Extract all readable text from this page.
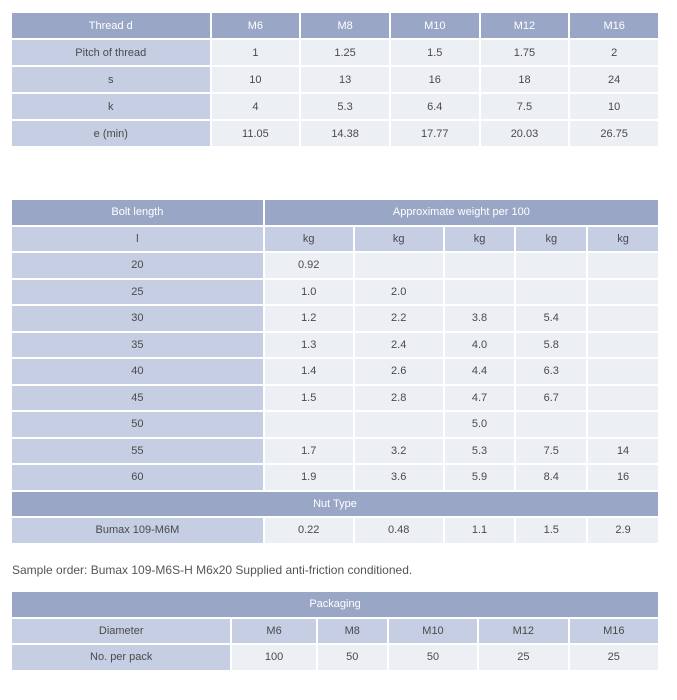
Thread d	M6	M8	M10	M12	M16
Pitch of thread	1	1.25	1.5	1.75	2
s	10	13	16	18	24
k	4	5.3	6.4	7.5	10
e (min)	11.05	14.38	17.77	20.03	26.75
Bolt length	Approximate weight per 100				
l	kg	kg	kg	kg	kg
20	0.92				
25	1.0	2.0			
30	1.2	2.2	3.8	5.4	
35	1.3	2.4	4.0	5.8	
40	1.4	2.6	4.4	6.3	
45	1.5	2.8	4.7	6.7	
50			5.0		
55	1.7	3.2	5.3	7.5	14
60	1.9	3.6	5.9	8.4	16
Nut Type					
Bumax 109-M6M	0.22	0.48	1.1	1.5	2.9

Sample order: Bumax 109-M6S-H M6x20 Supplied anti-friction conditioned.

Packaging					
Diameter	M6	M8	M10	M12	M16
No. per pack	100	50	50	25	25
